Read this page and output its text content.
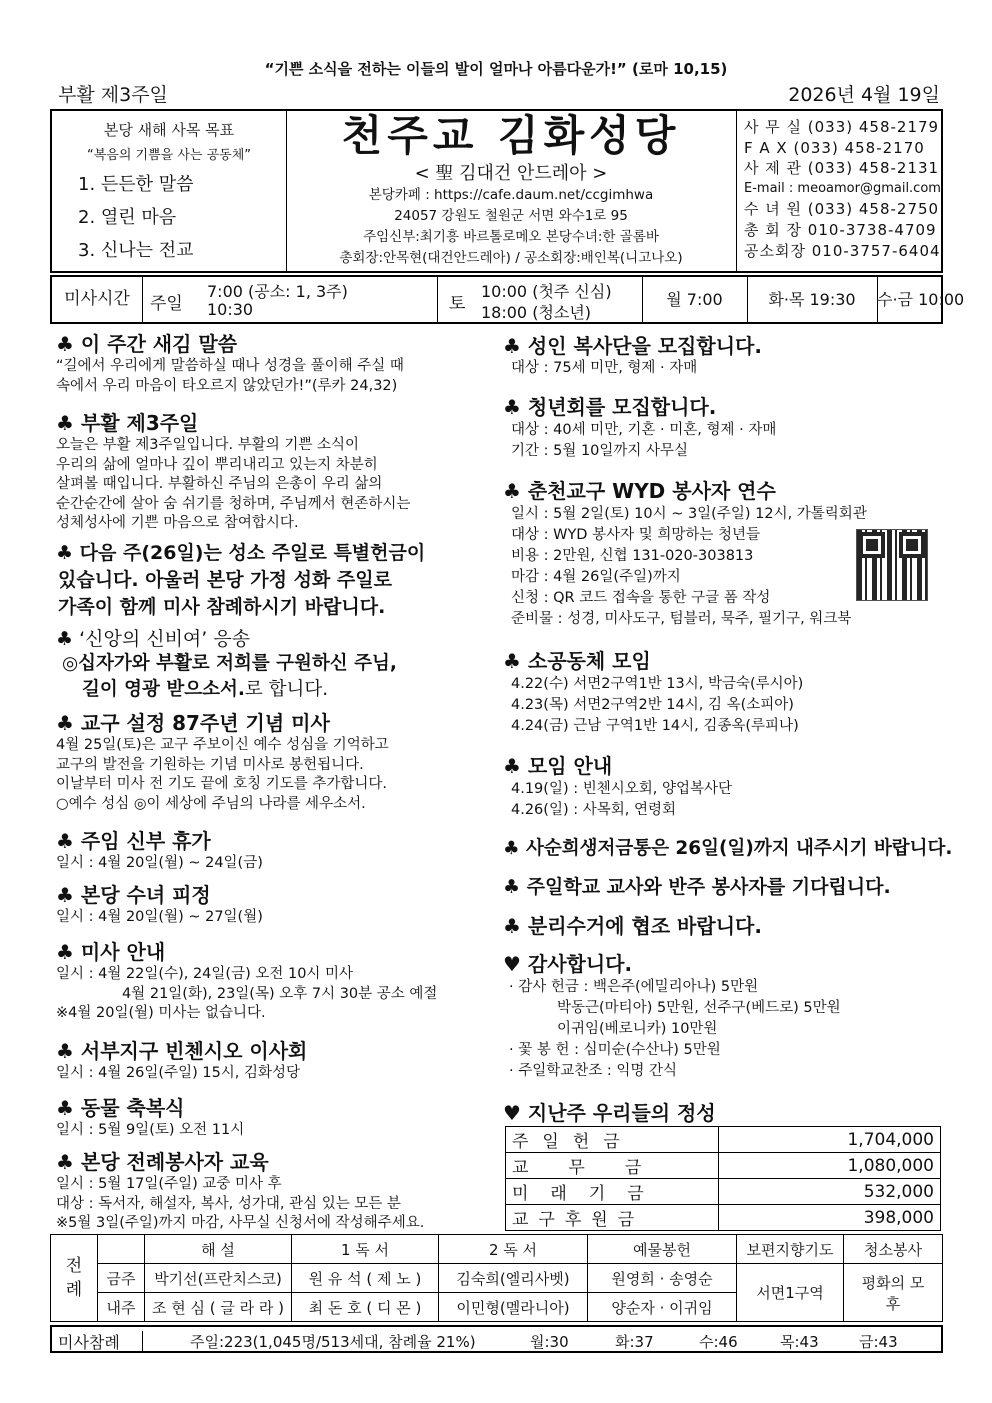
“기쁜 소식을 전하는 이들의 발이 얼마나 아름다운가!” (로마 10,15)
부활 제3주일	2026년 4월 19일
본당 새해 사목 목표
“복음의 기쁨을 사는 공동체”
1. 든든한 말씀
2. 열린 마음
3. 신나는 전교
천주교 김화성당
< 聖 김대건 안드레아 >
본당카페 : https://cafe.daum.net/ccgimhwa
24057 강원도 철원군 서면 와수1로 95
주임신부:최기흥 바르톨로메오 본당수녀:한 골롬바
총회장:안목현(대건안드레아) / 공소회장:배인복(니고나오)
사 무 실 (033) 458-2179
F A X (033) 458-2170
사 제 관 (033) 458-2131
E-mail : meoamor@gmail.com
수 녀 원 (033) 458-2750
총 회 장 010-3738-4709
공소회장 010-3757-6404
미사시간	주일
7:00 (공소: 1, 3주)
10:30	토
10:00 (첫주 신심)
18:00 (청소년)
월 7:00	화·목 19:30	수·금 10:00
♣ 이 주간 새김 말씀

“길에서 우리에게 말씀하실 때나 성경을 풀이해 주실 때

속에서 우리 마음이 타오르지 않았던가!”(루카 24,32)

♣ 부활 제3주일

오늘은 부활 제3주일입니다. 부활의 기쁜 소식이

우리의 삶에 얼마나 깊이 뿌리내리고 있는지 차분히

살펴볼 때입니다. 부활하신 주님의 은총이 우리 삶의

순간순간에 살아 숨 쉬기를 청하며, 주님께서 현존하시는

성체성사에 기쁜 마음으로 참여합시다.

♣ 다음 주(26일)는 성소 주일로 특별헌금이
있습니다. 아울러 본당 가정 성화 주일로
가족이 함께 미사 참례하시기 바랍니다.
♣ ‘신앙의 신비여’ 응송
◎십자가와 부활로 저희를 구원하신 주님,
길이 영광 받으소서.로 합니다.
♣ 교구 설정 87주년 기념 미사

4월 25일(토)은 교구 주보이신 예수 성심을 기억하고

교구의 발전을 기원하는 기념 미사로 봉헌됩니다.

이날부터 미사 전 기도 끝에 호칭 기도를 추가합니다.

○예수 성심 ◎이 세상에 주님의 나라를 세우소서.

♣ 주임 신부 휴가

일시 : 4월 20일(월) ~ 24일(금)

♣ 본당 수녀 피정

일시 : 4월 20일(월) ~ 27일(월)

♣ 미사 안내

일시 : 4월 22일(수), 24일(금) 오전 10시 미사

4월 21일(화), 23일(목) 오후 7시 30분 공소 예절

※4월 20일(월) 미사는 없습니다.

♣ 서부지구 빈첸시오 이사회

일시 : 4월 26일(주일) 15시, 김화성당

♣ 동물 축복식

일시 : 5월 9일(토) 오전 11시

♣ 본당 전례봉사자 교육

일시 : 5월 17일(주일) 교중 미사 후

대상 : 독서자, 해설자, 복사, 성가대, 관심 있는 모든 분

※5월 3일(주일)까지 마감, 사무실 신청서에 작성해주세요.

♣ 성인 복사단을 모집합니다.

대상 : 75세 미만, 형제 · 자매

♣ 청년회를 모집합니다.

대상 : 40세 미만, 기혼 · 미혼, 형제 · 자매

기간 : 5월 10일까지 사무실

♣ 춘천교구 WYD 봉사자 연수

일시 : 5월 2일(토) 10시 ~ 3일(주일) 12시, 가톨릭회관

대상 : WYD 봉사자 및 희망하는 청년들

비용 : 2만원, 신협 131-020-303813

마감 : 4월 26일(주일)까지

신청 : QR 코드 접속을 통한 구글 폼 작성

준비물 : 성경, 미사도구, 텀블러, 묵주, 필기구, 워크북

♣ 소공동체 모임

4.22(수) 서면2구역1반 13시, 박금숙(루시아)

4.23(목) 서면2구역2반 14시, 김 옥(소피아)

4.24(금) 근남 구역1반 14시, 김종옥(루피나)

♣ 모임 안내

4.19(일) : 빈첸시오회, 양업복사단

4.26(일) : 사목회, 연령회

♣ 사순희생저금통은 26일(일)까지 내주시기 바랍니다.
♣ 주일학교 교사와 반주 봉사자를 기다립니다.
♣ 분리수거에 협조 바랍니다.
♥ 감사합니다.

· 감사 헌금 : 백은주(에밀리아나) 5만원

박동근(마티아) 5만원, 선주구(베드로) 5만원

이귀임(베로니카) 10만원

· 꽃 봉 헌 : 심미순(수산나) 5만원

· 주일학교찬조 : 익명 간식

♥ 지난주 우리들의 정성
주일헌금	1,704,000
교무금	1,080,000
미래기금	532,000
교구후원금	398,000
전례		해 설	1 독 서	2 독 서	예물봉헌	보편지향기도	청소봉사
	금주	박기선(프란치스코)	원 유 석 ( 제 노 )	김숙희(엘리사벳)	원영희 · 송영순	서면1구역	평화의 모후
	내주	조 현 심 ( 글 라 라 )	최 돈 호 ( 디 몬 )	이민형(멜라니아)	양순자 · 이귀임		
미사참례	주일:223(1,045명/513세대, 참례율 21%)	월:30	화:37	수:46	목:43	금:43
